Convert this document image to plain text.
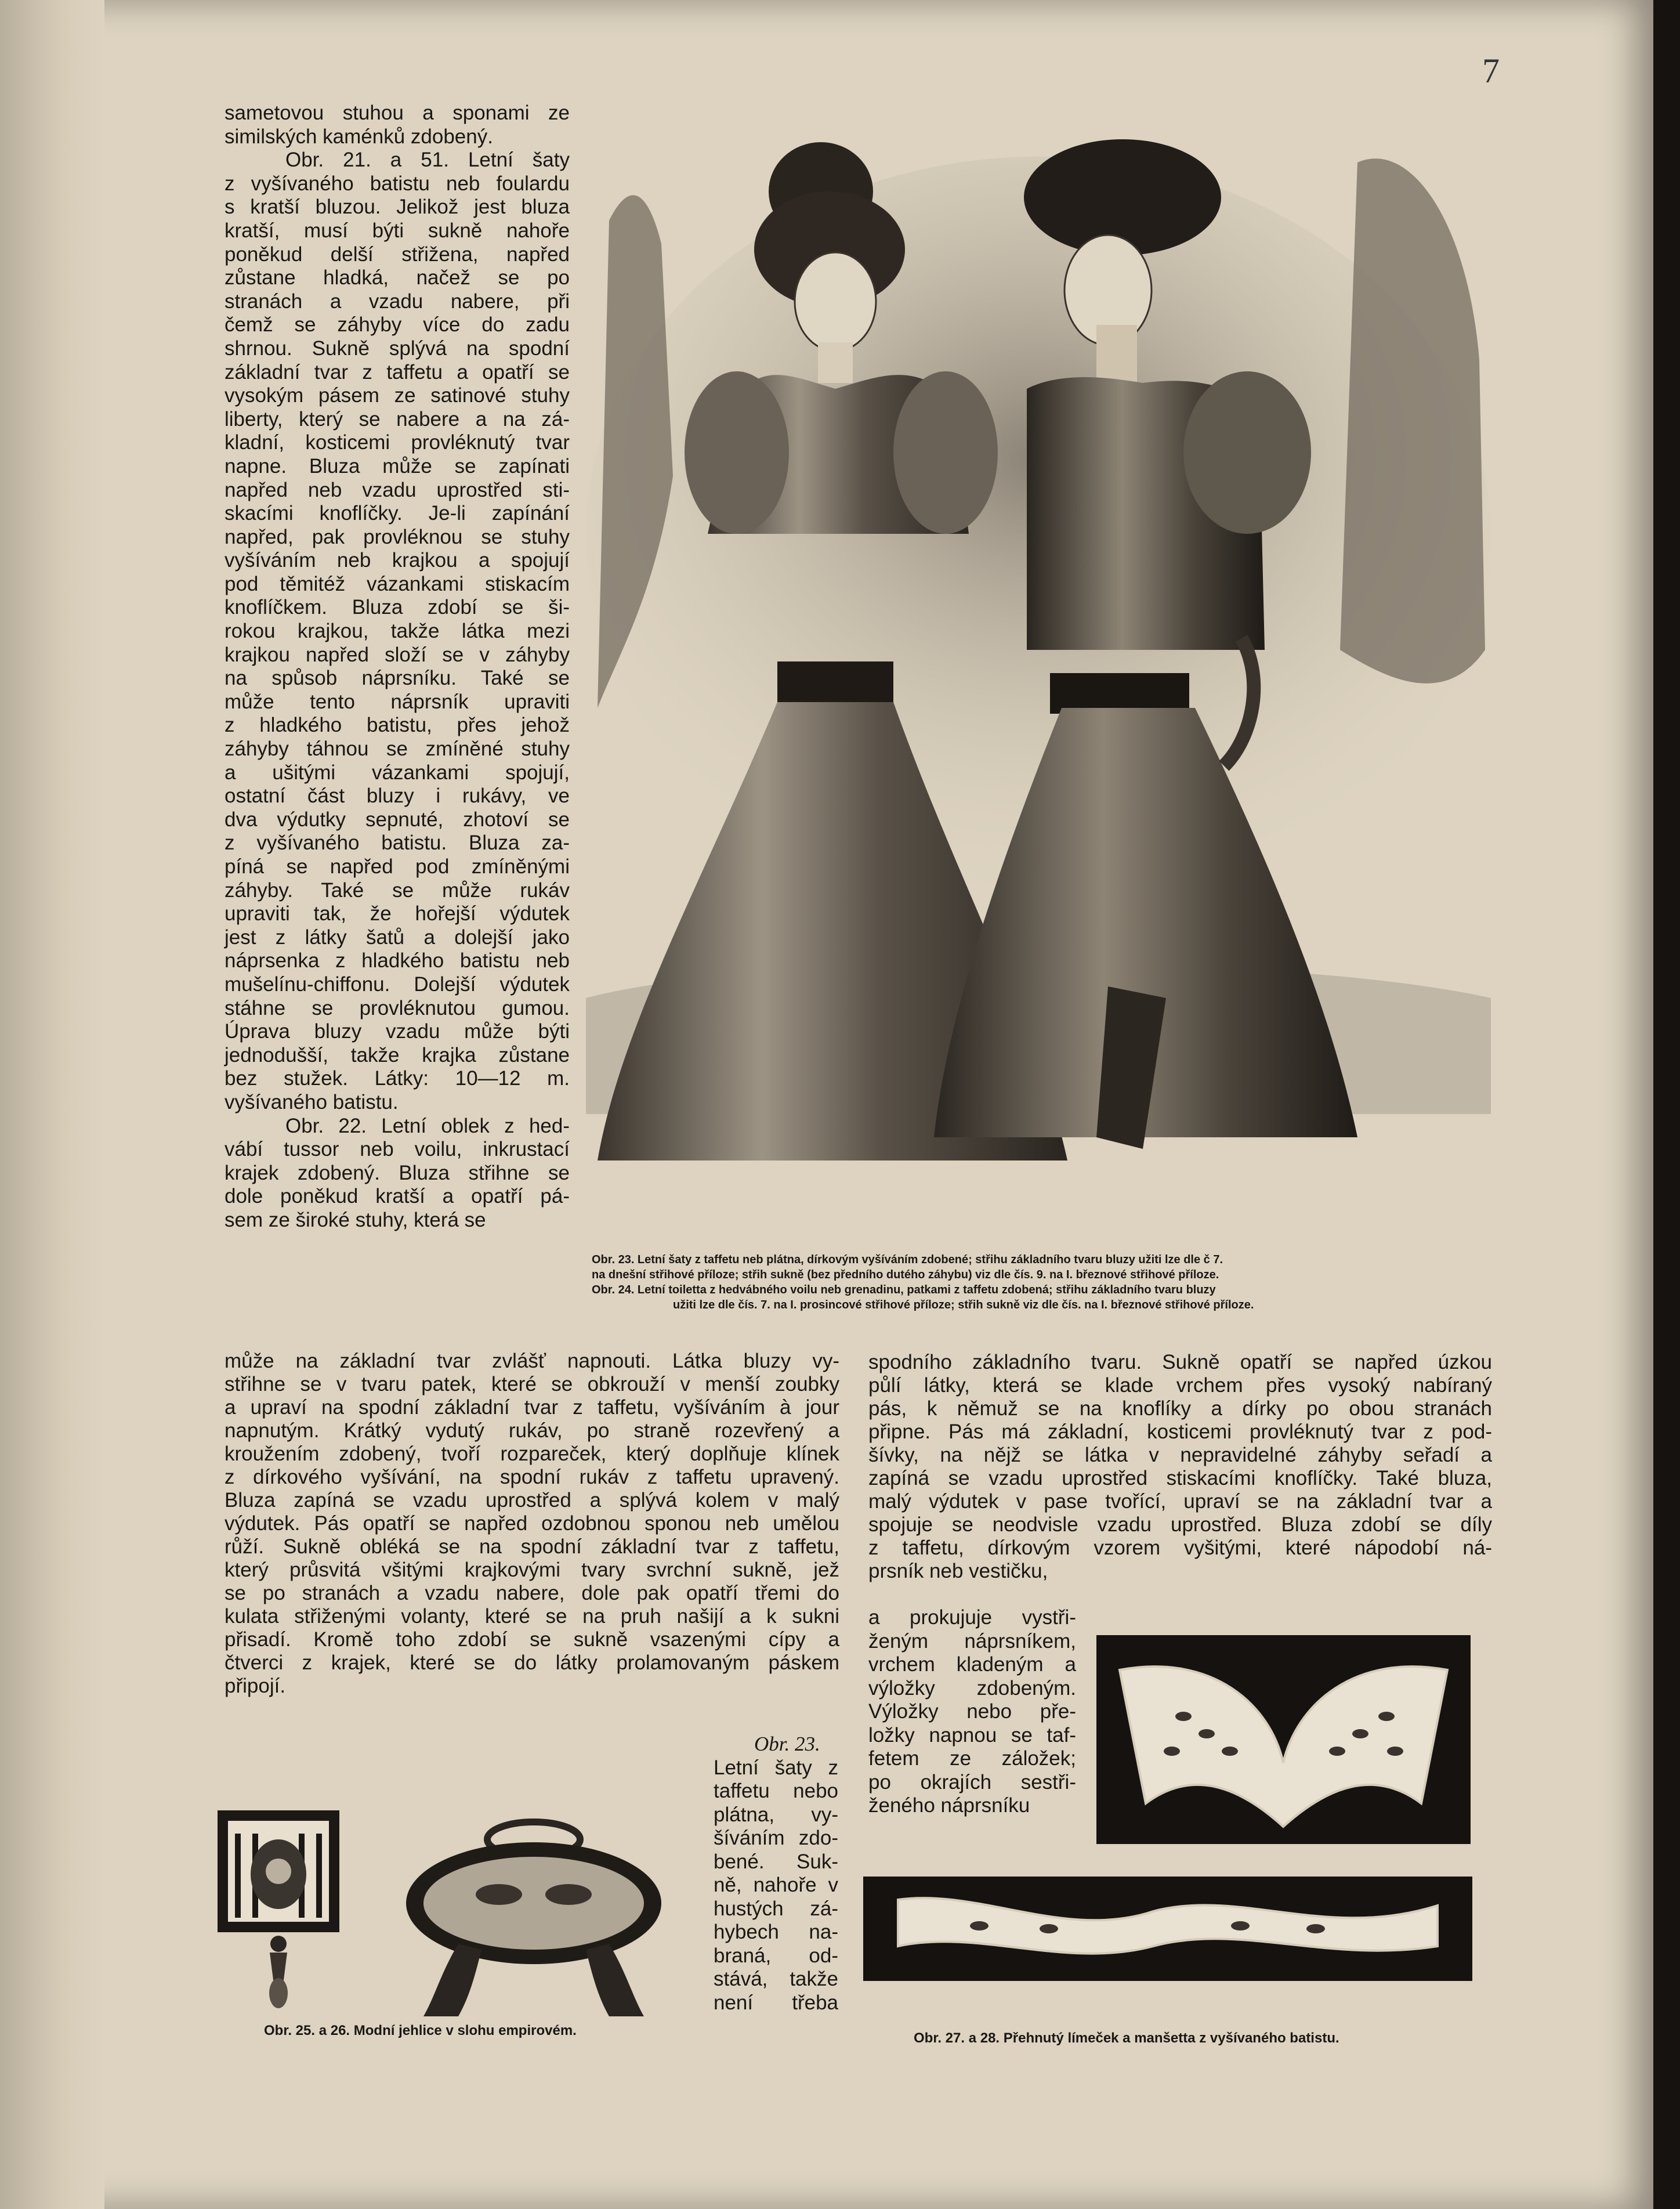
7
sametovou stuhou a sponami ze
similských kaménků zdobený.
Obr. 21. a 51. Letní šaty
z vyšívaného batistu neb foulardu
s kratší bluzou. Jelikož jest bluza
kratší, musí býti sukně nahoře
poněkud delší střižena, napřed
zůstane hladká, načež se po
stranách a vzadu nabere, při
čemž se záhyby více do zadu
shrnou. Sukně splývá na spodní
základní tvar z taffetu a opatří se
vysokým pásem ze satinové stuhy
liberty, který se nabere a na zá-
kladní, kosticemi provléknutý tvar
napne. Bluza může se zapínati
napřed neb vzadu uprostřed sti-
skacími knoflíčky. Je-li zapínání
napřed, pak provléknou se stuhy
vyšíváním neb krajkou a spojují
pod těmitéž vázankami stiskacím
knoflíčkem. Bluza zdobí se ši-
rokou krajkou, takže látka mezi
krajkou napřed složí se v záhyby
na spůsob náprsníku. Také se
může tento náprsník upraviti
z hladkého batistu, přes jehož
záhyby táhnou se zmíněné stuhy
a ušitými vázankami spojují,
ostatní část bluzy i rukávy, ve
dva výdutky sepnuté, zhotoví se
z vyšívaného batistu. Bluza za-
píná se napřed pod zmíněnými
záhyby. Také se může rukáv
upraviti tak, že hořejší výdutek
jest z látky šatů a dolejší jako
náprsenka z hladkého batistu neb
mušelínu-chiffonu. Dolejší výdutek
stáhne se provléknutou gumou.
Úprava bluzy vzadu může býti
jednodušší, takže krajka zůstane
bez stužek. Látky: 10—12 m.
vyšívaného batistu.
Obr. 22. Letní oblek z hed-
vábí tussor neb voilu, inkrustací
krajek zdobený. Bluza střihne se
dole poněkud kratší a opatří pá-
sem ze široké stuhy, která se
může na základní tvar zvlášť napnouti. Látka bluzy vy-
střihne se v tvaru patek, které se obkrouží v menší zoubky
a upraví na spodní základní tvar z taffetu, vyšíváním à jour
napnutým. Krátký vydutý rukáv, po straně rozevřený a
kroužením zdobený, tvoří rozpareček, který doplňuje klínek
z dírkového vyšívání, na spodní rukáv z taffetu upravený.
Bluza zapíná se vzadu uprostřed a splývá kolem v malý
výdutek. Pás opatří se napřed ozdobnou sponou neb umělou
růží. Sukně obléká se na spodní základní tvar z taffetu,
který průsvitá všitými krajkovými tvary svrchní sukně, jež
se po stranách a vzadu nabere, dole pak opatří třemi do
kulata střiženými volanty, které se na pruh našijí a k sukni
přisadí. Kromě toho zdobí se sukně vsazenými cípy a
čtverci z krajek, které se do látky prolamovaným páskem
připojí.
Obr. 23.
Letní šaty z
taffetu nebo
plátna, vy-
šíváním zdo-
bené. Suk-
ně, nahoře v
hustých zá-
hybech na-
braná, od-
stává, takže
není třeba
spodního základního tvaru. Sukně opatří se napřed úzkou
půlí látky, která se klade vrchem přes vysoký nabíraný
pás, k němuž se na knoflíky a dírky po obou stranách
připne. Pás má základní, kosticemi provléknutý tvar z pod-
šívky, na nějž se látka v nepravidelné záhyby seřadí a
zapíná se vzadu uprostřed stiskacími knoflíčky. Také bluza,
malý výdutek v pase tvořící, upraví se na základní tvar a
spojuje se neodvisle vzadu uprostřed. Bluza zdobí se díly
z taffetu, dírkovým vzorem vyšitými, které nápodobí ná-
prsník neb vestičku,
a prokujuje vystři-
ženým náprsníkem,
vrchem kladeným a
výložky zdobeným.
Výložky nebo pře-
ložky napnou se taf-
fetem ze záložek;
po okrajích sestři-
ženého náprsníku
Obr. 23. Letní šaty z taffetu neb plátna, dírkovým vyšíváním zdobené; střihu základního tvaru bluzy užiti lze dle č 7.
na dnešní střihové příloze; střih sukně (bez předního dutého záhybu) viz dle čís. 9. na I. březnové střihové příloze.
Obr. 24. Letní toiletta z hedvábného voilu neb grenadinu, patkami z taffetu zdobená; střihu základního tvaru bluzy
užiti lze dle čís. 7. na I. prosincové střihové příloze; střih sukně viz dle čís. na I. březnové střihové příloze.
Obr. 25. a 26. Modní jehlice v slohu empirovém.	Obr. 27. a 28. Přehnutý límeček a manšetta z vyšívaného batistu.
